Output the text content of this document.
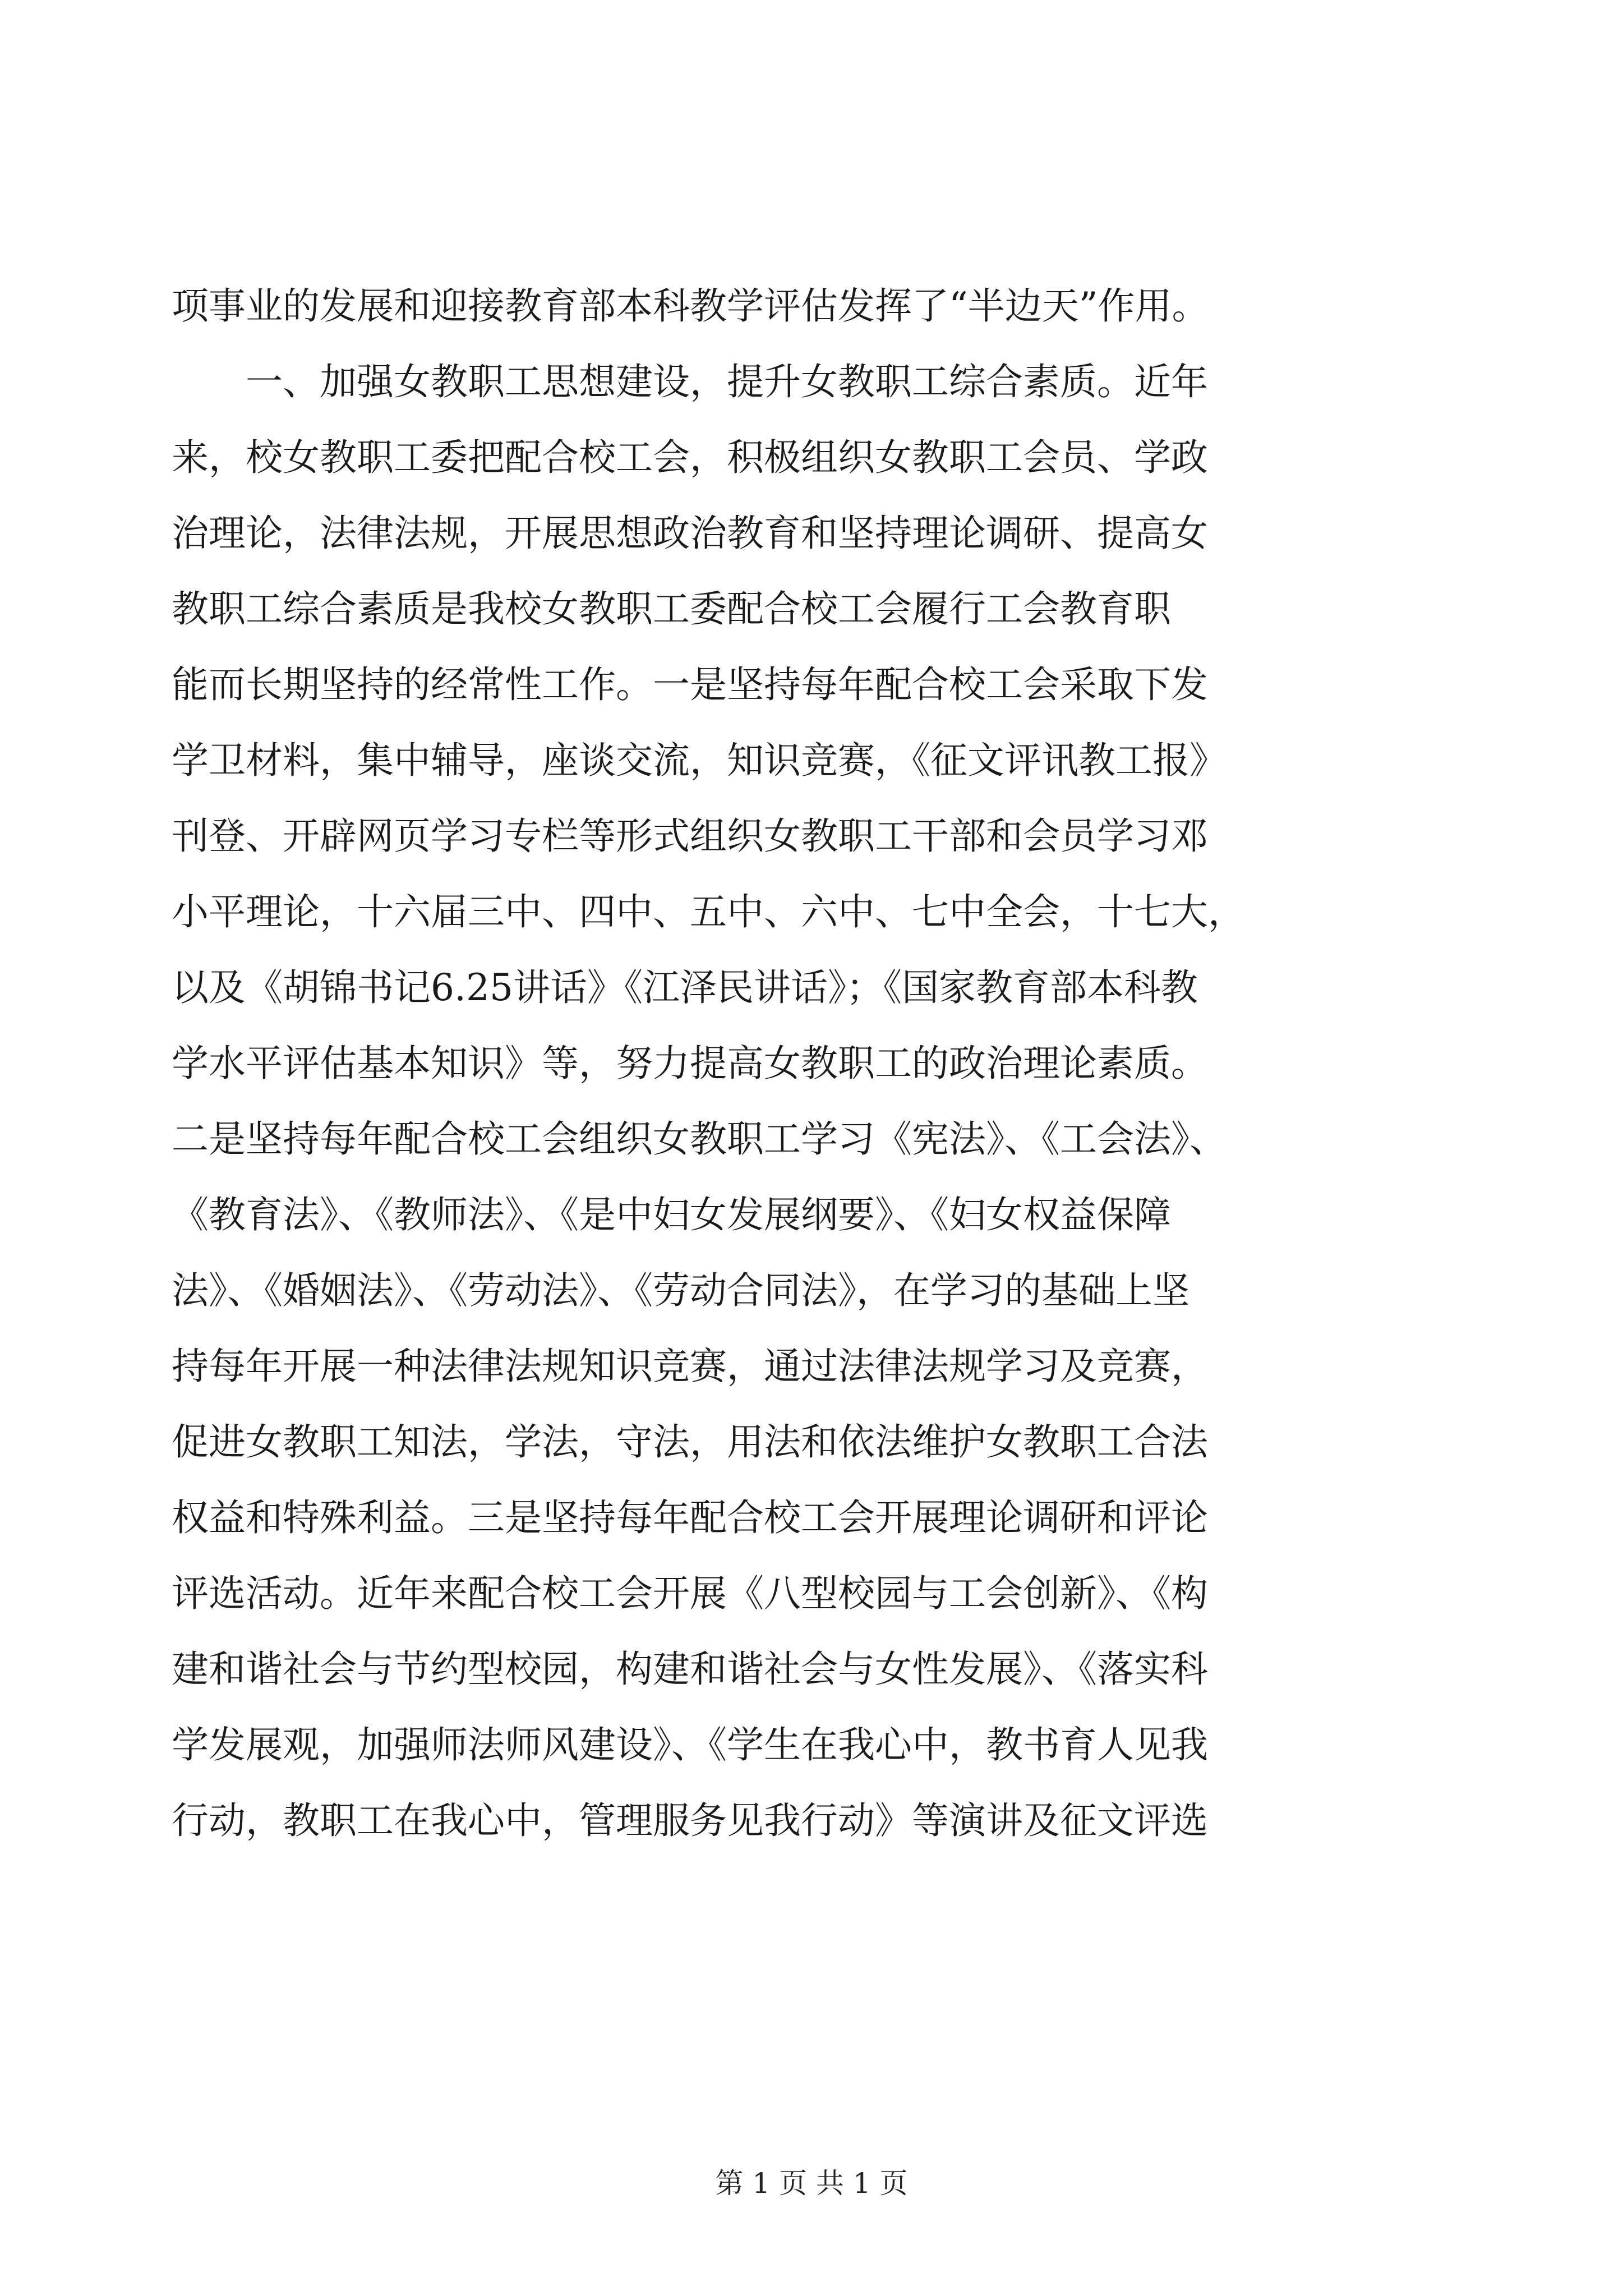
项事业的发展和迎接教育部本科教学评估发挥了“半边天”作用。
一、加强女教职工思想建设，提升女教职工综合素质。近年
来，校女教职工委把配合校工会，积极组织女教职工会员、学政
治理论，法律法规，开展思想政治教育和坚持理论调研、提高女
教职工综合素质是我校女教职工委配合校工会履行工会教育职
能而长期坚持的经常性工作。一是坚持每年配合校工会采取下发
学卫材料，集中辅导，座谈交流，知识竞赛，《征文评讯教工报》
刊登、开辟网页学习专栏等形式组织女教职工干部和会员学习邓
小平理论，十六届三中、四中、五中、六中、七中全会，十七大，
以及《胡锦书记6.25讲话》《江泽民讲话》；《国家教育部本科教
学水平评估基本知识》等，努力提高女教职工的政治理论素质。
二是坚持每年配合校工会组织女教职工学习《宪法》、《工会法》、
《教育法》、《教师法》、《是中妇女发展纲要》、《妇女权益保障
法》、《婚姻法》、《劳动法》、《劳动合同法》，在学习的基础上坚
持每年开展一种法律法规知识竞赛，通过法律法规学习及竞赛，
促进女教职工知法，学法，守法，用法和依法维护女教职工合法
权益和特殊利益。三是坚持每年配合校工会开展理论调研和评论
评选活动。近年来配合校工会开展《八型校园与工会创新》、《构
建和谐社会与节约型校园，构建和谐社会与女性发展》、《落实科
学发展观，加强师法师风建设》、《学生在我心中，教书育人见我
行动，教职工在我心中，管理服务见我行动》等演讲及征文评选
第 1 页 共 1 页
